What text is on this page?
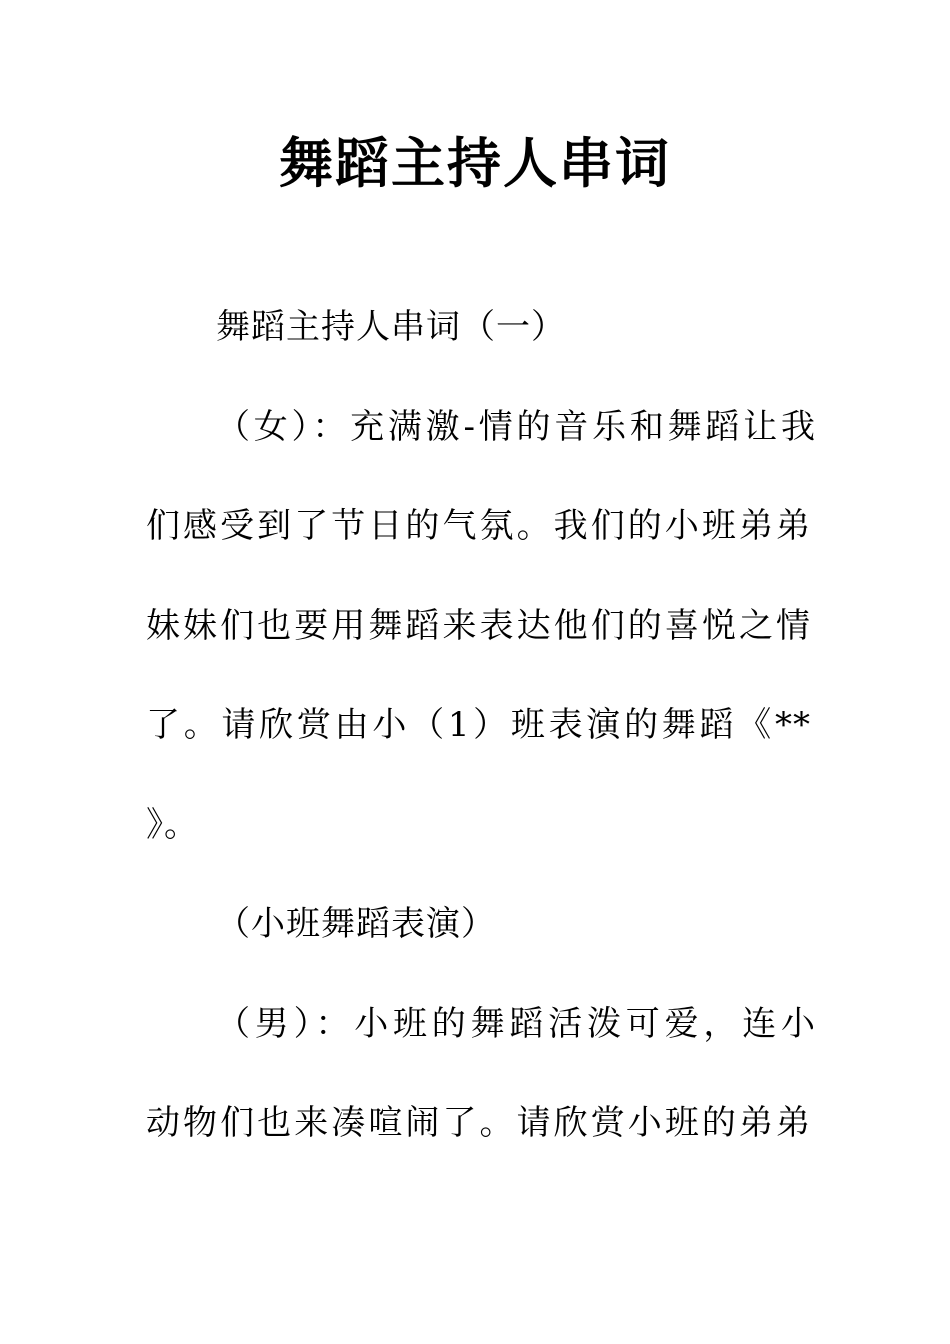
舞蹈主持人串词

舞蹈主持人串词（一）

（女）：充满激-情的音乐和舞蹈让我

们感受到了节日的气氛。我们的小班弟弟

妹妹们也要用舞蹈来表达他们的喜悦之情

了。请欣赏由小（1）班表演的舞蹈《**

》。

（小班舞蹈表演）

（男）：小班的舞蹈活泼可爱，连小

动物们也来凑喧闹了。请欣赏小班的弟弟
